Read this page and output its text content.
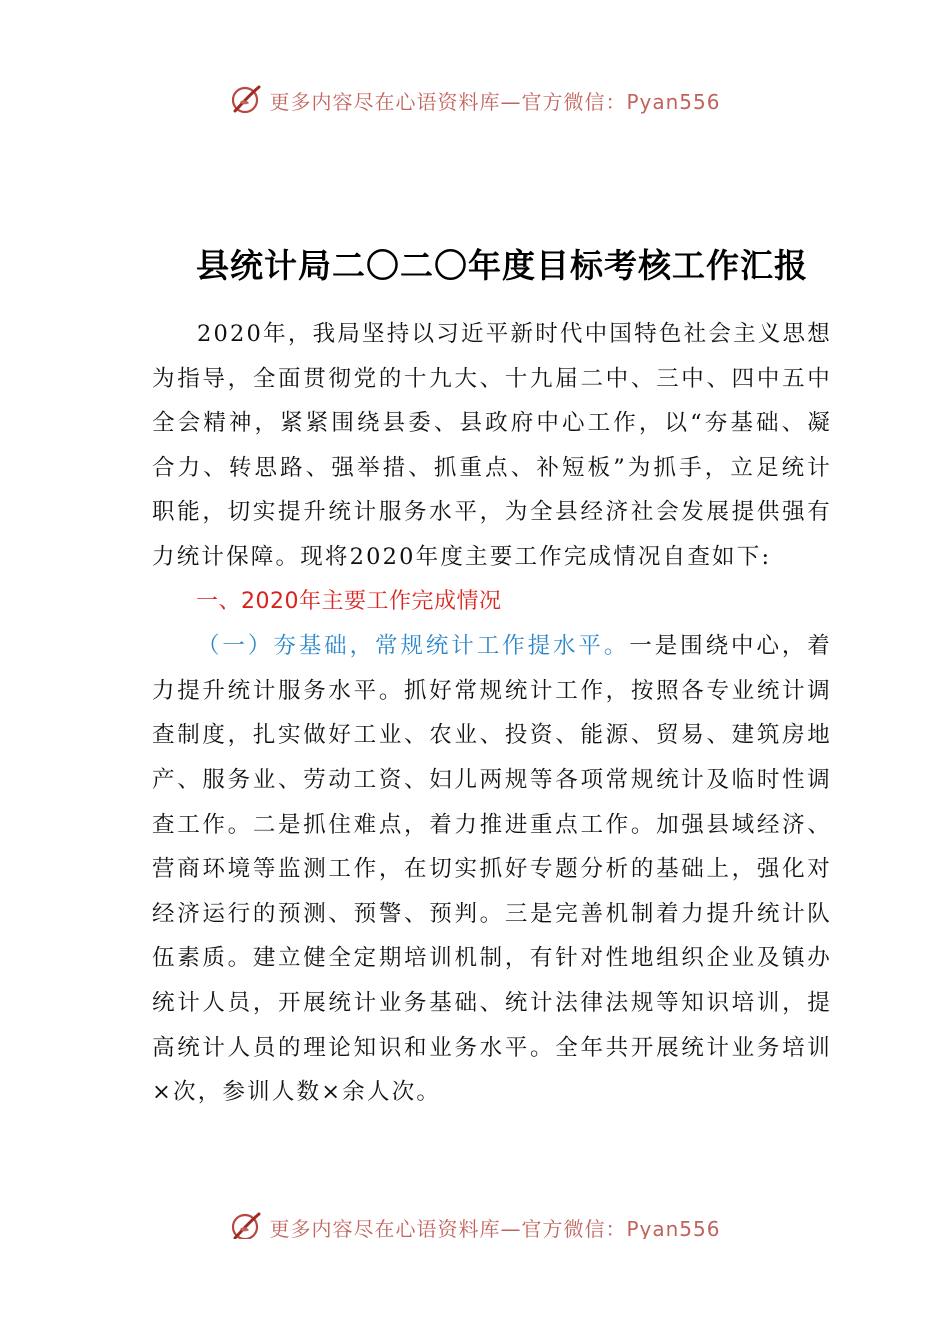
更多内容尽在心语资料库—官方微信：Pyan556
县统计局二〇二〇年度目标考核工作汇报

2020年，我局坚持以习近平新时代中国特色社会主义思想为指导，全面贯彻党的十九大、十九届二中、三中、四中五中全会精神，紧紧围绕县委、县政府中心工作，以“夯基础、凝合力、转思路、强举措、抓重点、补短板”为抓手，立足统计职能，切实提升统计服务水平，为全县经济社会发展提供强有力统计保障。现将2020年度主要工作完成情况自查如下:

一、2020年主要工作完成情况

（一）夯基础，常规统计工作提水平。一是围绕中心，着力提升统计服务水平。抓好常规统计工作，按照各专业统计调查制度，扎实做好工业、农业、投资、能源、贸易、建筑房地产、服务业、劳动工资、妇儿两规等各项常规统计及临时性调查工作。二是抓住难点，着力推进重点工作。加强县域经济、营商环境等监测工作，在切实抓好专题分析的基础上，强化对经济运行的预测、预警、预判。三是完善机制着力提升统计队伍素质。建立健全定期培训机制，有针对性地组织企业及镇办统计人员，开展统计业务基础、统计法律法规等知识培训，提高统计人员的理论知识和业务水平。全年共开展统计业务培训×次，参训人数×余人次。

更多内容尽在心语资料库—官方微信：Pyan556
